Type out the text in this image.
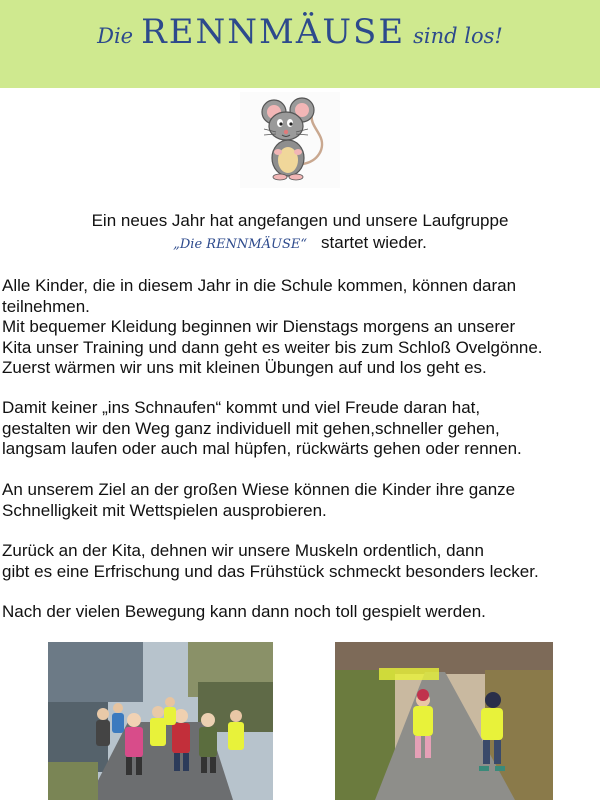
Die RENNMÄUSE sind los!
Ein neues Jahr hat angefangen und unsere Laufgruppe
„Die RENNMÄUSE“ startet wieder.
Alle Kinder, die in diesem Jahr in die Schule kommen, können daran
teilnehmen.
Mit bequemer Kleidung beginnen wir Dienstags morgens an unserer
Kita unser Training und dann geht es weiter bis zum Schloß Ovelgönne.
Zuerst wärmen wir uns mit kleinen Übungen auf und los geht es.
Damit keiner „ins Schnaufen“ kommt und viel Freude daran hat,
gestalten wir den Weg ganz individuell mit gehen,schneller gehen,
langsam laufen oder auch mal hüpfen, rückwärts gehen oder rennen.
An unserem Ziel an der großen Wiese können die Kinder ihre ganze
Schnelligkeit mit Wettspielen ausprobieren.
Zurück an der Kita, dehnen wir unsere Muskeln ordentlich, dann
gibt es eine Erfrischung und das Frühstück schmeckt besonders lecker.
Nach der vielen Bewegung kann dann noch toll gespielt werden.
